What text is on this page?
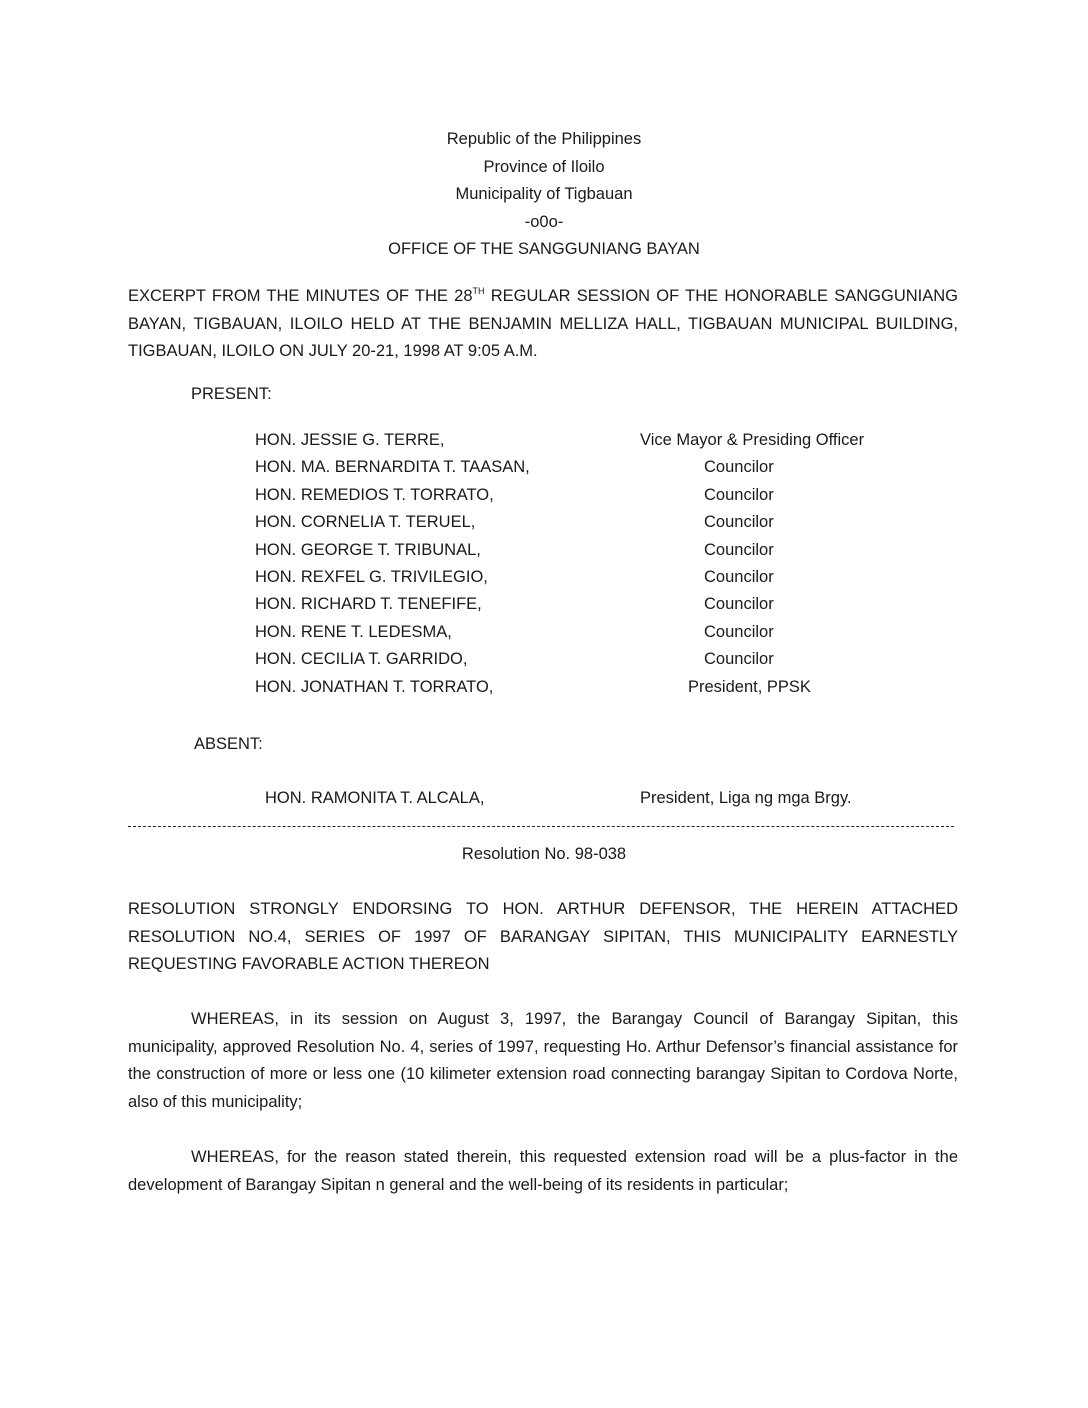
Republic of the Philippines
Province of Iloilo
Municipality of Tigbauan
-o0o-
OFFICE OF THE SANGGUNIANG BAYAN
EXCERPT FROM THE MINUTES OF THE 28TH REGULAR SESSION OF THE HONORABLE SANGGUNIANG BAYAN, TIGBAUAN, ILOILO HELD AT THE BENJAMIN MELLIZA HALL, TIGBAUAN MUNICIPAL BUILDING, TIGBAUAN, ILOILO ON JULY 20-21, 1998 AT 9:05 A.M.
PRESENT:
HON. JESSIE G. TERRE,	Vice Mayor & Presiding Officer
HON. MA. BERNARDITA T. TAASAN,	Councilor
HON. REMEDIOS T. TORRATO,	Councilor
HON. CORNELIA T. TERUEL,	Councilor
HON. GEORGE T. TRIBUNAL,	Councilor
HON. REXFEL G. TRIVILEGIO,	Councilor
HON. RICHARD T. TENEFIFE,	Councilor
HON. RENE T. LEDESMA,	Councilor
HON. CECILIA T. GARRIDO,	Councilor
HON. JONATHAN T. TORRATO,	President, PPSK
ABSENT:
HON. RAMONITA T. ALCALA,	President, Liga ng mga Brgy.
Resolution No. 98-038
RESOLUTION STRONGLY ENDORSING TO HON. ARTHUR DEFENSOR, THE HEREIN ATTACHED RESOLUTION NO.4, SERIES OF 1997 OF BARANGAY SIPITAN, THIS MUNICIPALITY EARNESTLY REQUESTING FAVORABLE ACTION THEREON
WHEREAS, in its session on August 3, 1997, the Barangay Council of Barangay Sipitan, this municipality, approved Resolution No. 4, series of 1997, requesting Ho. Arthur Defensor’s financial assistance for the construction of more or less one (10 kilimeter extension road connecting barangay Sipitan to Cordova Norte, also of this municipality;
WHEREAS, for the reason stated therein, this requested extension road will be a plus-factor in the development of Barangay Sipitan n general and the well-being of its residents in particular;
